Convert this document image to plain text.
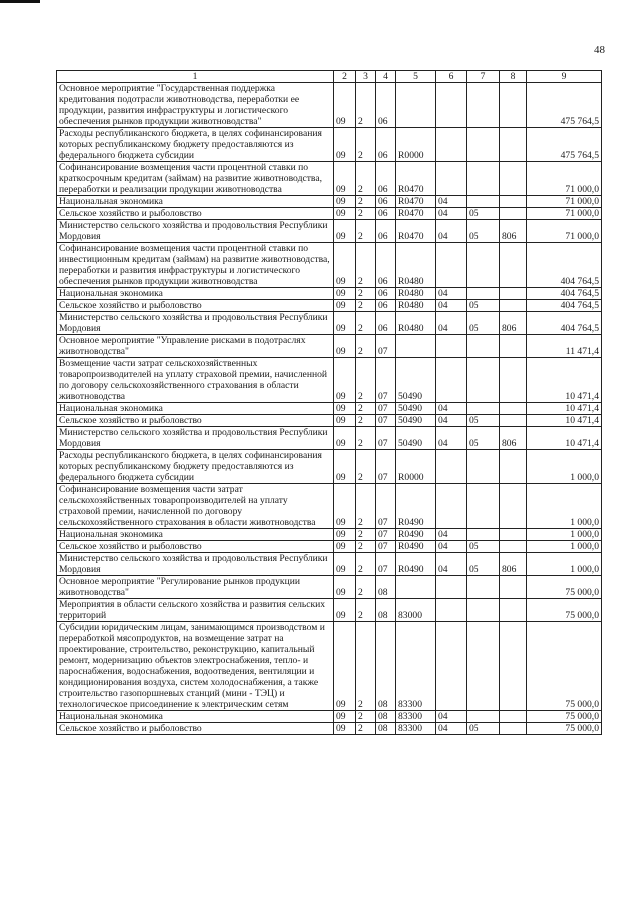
48
1	2	3	4	5	6	7	8	9
Основное мероприятие "Государственная поддержка кредитования подотрасли животноводства, переработки ее продукции, развития инфраструктуры и логистического обеспечения рынков продукции животноводства"	09	2	06					475 764,5
Расходы республиканского бюджета, в целях софинансирования которых республиканскому бюджету предоставляются из федерального бюджета субсидии	09	2	06	R0000				475 764,5
Софинансирование возмещения части процентной ставки по краткосрочным кредитам (займам) на развитие животноводства, переработки и реализации продукции животноводства	09	2	06	R0470				71 000,0
Национальная экономика	09	2	06	R0470	04			71 000,0
Сельское хозяйство и рыболовство	09	2	06	R0470	04	05		71 000,0
Министерство сельского хозяйства и продовольствия Республики Мордовия	09	2	06	R0470	04	05	806	71 000,0
Софинансирование возмещения части процентной ставки по инвестиционным кредитам (займам) на развитие животноводства, переработки и развития инфраструктуры и логистического обеспечения рынков продукции животноводства	09	2	06	R0480				404 764,5
Национальная экономика	09	2	06	R0480	04			404 764,5
Сельское хозяйство и рыболовство	09	2	06	R0480	04	05		404 764,5
Министерство сельского хозяйства и продовольствия Республики Мордовия	09	2	06	R0480	04	05	806	404 764,5
Основное мероприятие "Управление рисками в подотраслях животноводства"	09	2	07					11 471,4
Возмещение части затрат сельскохозяйственных товаропроизводителей на уплату страховой премии, начисленной по договору сельскохозяйственного страхования в области животноводства	09	2	07	50490				10 471,4
Национальная экономика	09	2	07	50490	04			10 471,4
Сельское хозяйство и рыболовство	09	2	07	50490	04	05		10 471,4
Министерство сельского хозяйства и продовольствия Республики Мордовия	09	2	07	50490	04	05	806	10 471,4
Расходы республиканского бюджета, в целях софинансирования которых республиканскому бюджету предоставляются из федерального бюджета субсидии	09	2	07	R0000				1 000,0
Софинансирование возмещения части затрат сельскохозяйственных товаропроизводителей на уплату страховой премии, начисленной по договору сельскохозяйственного страхования в области животноводства	09	2	07	R0490				1 000,0
Национальная экономика	09	2	07	R0490	04			1 000,0
Сельское хозяйство и рыболовство	09	2	07	R0490	04	05		1 000,0
Министерство сельского хозяйства и продовольствия Республики Мордовия	09	2	07	R0490	04	05	806	1 000,0
Основное мероприятие "Регулирование рынков продукции животноводства"	09	2	08					75 000,0
Мероприятия в области сельского хозяйства и развития сельских территорий	09	2	08	83000				75 000,0
Субсидии юридическим лицам, занимающимся производством и переработкой мясопродуктов, на возмещение затрат на проектирование, строительство, реконструкцию, капитальный ремонт, модернизацию объектов электроснабжения, тепло- и пароснабжения, водоснабжения, водоотведения, вентиляции и кондиционирования воздуха, систем холодоснабжения, а также строительство газопоршневых станций (мини - ТЭЦ) и технологическое присоединение к электрическим сетям	09	2	08	83300				75 000,0
Национальная экономика	09	2	08	83300	04			75 000,0
Сельское хозяйство и рыболовство	09	2	08	83300	04	05		75 000,0
